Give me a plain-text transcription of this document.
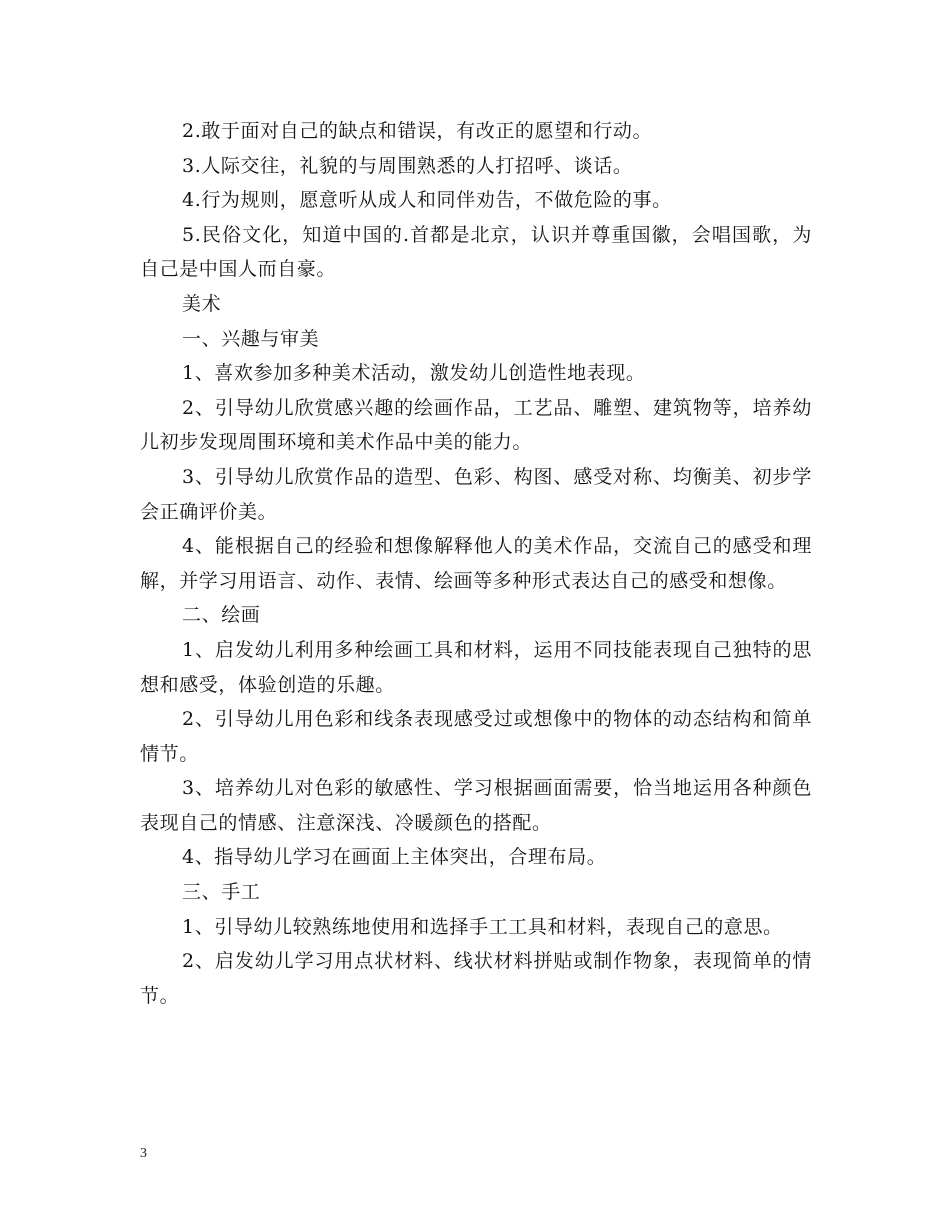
2.敢于面对自己的缺点和错误，有改正的愿望和行动。

3.人际交往，礼貌的与周围熟悉的人打招呼、谈话。

4.行为规则，愿意听从成人和同伴劝告，不做危险的事。

5.民俗文化，知道中国的.首都是北京，认识并尊重国徽，会唱国歌，为自己是中国人而自豪。

美术

一、兴趣与审美

1、喜欢参加多种美术活动，激发幼儿创造性地表现。

2、引导幼儿欣赏感兴趣的绘画作品，工艺品、雕塑、建筑物等，培养幼儿初步发现周围环境和美术作品中美的能力。

3、引导幼儿欣赏作品的造型、色彩、构图、感受对称、均衡美、初步学会正确评价美。

4、能根据自己的经验和想像解释他人的美术作品，交流自己的感受和理解，并学习用语言、动作、表情、绘画等多种形式表达自己的感受和想像。

二、绘画

1、启发幼儿利用多种绘画工具和材料，运用不同技能表现自己独特的思想和感受，体验创造的乐趣。

2、引导幼儿用色彩和线条表现感受过或想像中的物体的动态结构和简单情节。

3、培养幼儿对色彩的敏感性、学习根据画面需要，恰当地运用各种颜色表现自己的情感、注意深浅、冷暖颜色的搭配。

4、指导幼儿学习在画面上主体突出，合理布局。

三、手工

1、引导幼儿较熟练地使用和选择手工工具和材料，表现自己的意思。

2、启发幼儿学习用点状材料、线状材料拼贴或制作物象，表现简单的情节。

3
